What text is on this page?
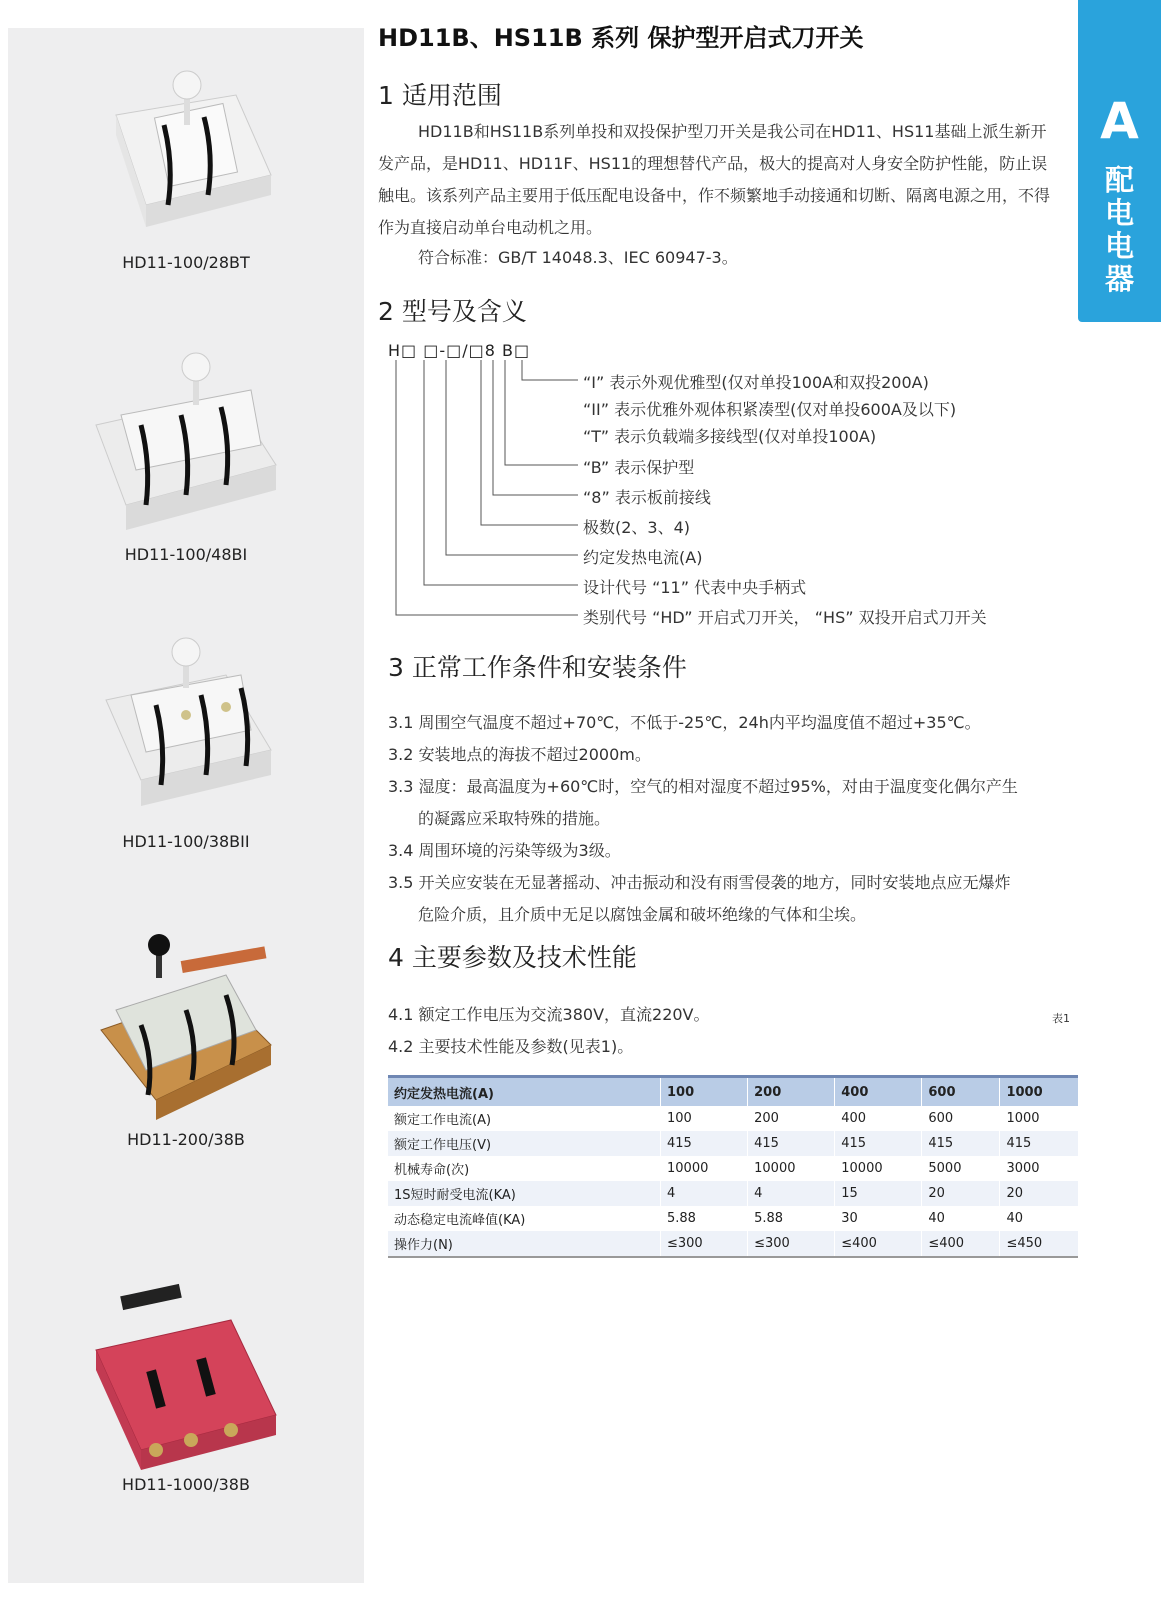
HD11-100/28BT
HD11-100/48BI
HD11-100/38BII
HD11-200/38B
HD11-1000/38B
A
配
电
电
器
HD11B、HS11B 系列 保护型开启式刀开关
1 适用范围
HD11B和HS11B系列单投和双投保护型刀开关是我公司在HD11、HS11基础上派生新开发产品，是HD11、HD11F、HS11的理想替代产品，极大的提高对人身安全防护性能，防止误触电。该系列产品主要用于低压配电设备中，作不频繁地手动接通和切断、隔离电源之用，不得作为直接启动单台电动机之用。
符合标准：GB/T 14048.3、IEC 60947-3。
2 型号及含义
H□ □-□/□8 B□
“I” 表示外观优雅型(仅对单投100A和双投200A)
“II” 表示优雅外观体积紧凑型(仅对单投600A及以下)
“T” 表示负载端多接线型(仅对单投100A)
“B” 表示保护型
“8” 表示板前接线
极数(2、3、4)
约定发热电流(A)
设计代号 “11” 代表中央手柄式
类别代号 “HD” 开启式刀开关， “HS” 双投开启式刀开关
3 正常工作条件和安装条件
3.1 周围空气温度不超过+70℃，不低于-25℃，24h内平均温度值不超过+35℃。
3.2 安装地点的海拔不超过2000m。
3.3 湿度：最高温度为+60℃时，空气的相对湿度不超过95%，对由于温度变化偶尔产生
的凝露应采取特殊的措施。
3.4 周围环境的污染等级为3级。
3.5 开关应安装在无显著摇动、冲击振动和没有雨雪侵袭的地方，同时安装地点应无爆炸
危险介质，且介质中无足以腐蚀金属和破坏绝缘的气体和尘埃。
4 主要参数及技术性能
4.1 额定工作电压为交流380V，直流220V。
4.2 主要技术性能及参数(见表1)。
表1
约定发热电流(A)	100	200	400	600	1000
额定工作电流(A)	100	200	400	600	1000
额定工作电压(V)	415	415	415	415	415
机械寿命(次)	10000	10000	10000	5000	3000
1S短时耐受电流(KA)	4	4	15	20	20
动态稳定电流峰值(KA)	5.88	5.88	30	40	40
操作力(N)	≤300	≤300	≤400	≤400	≤450
